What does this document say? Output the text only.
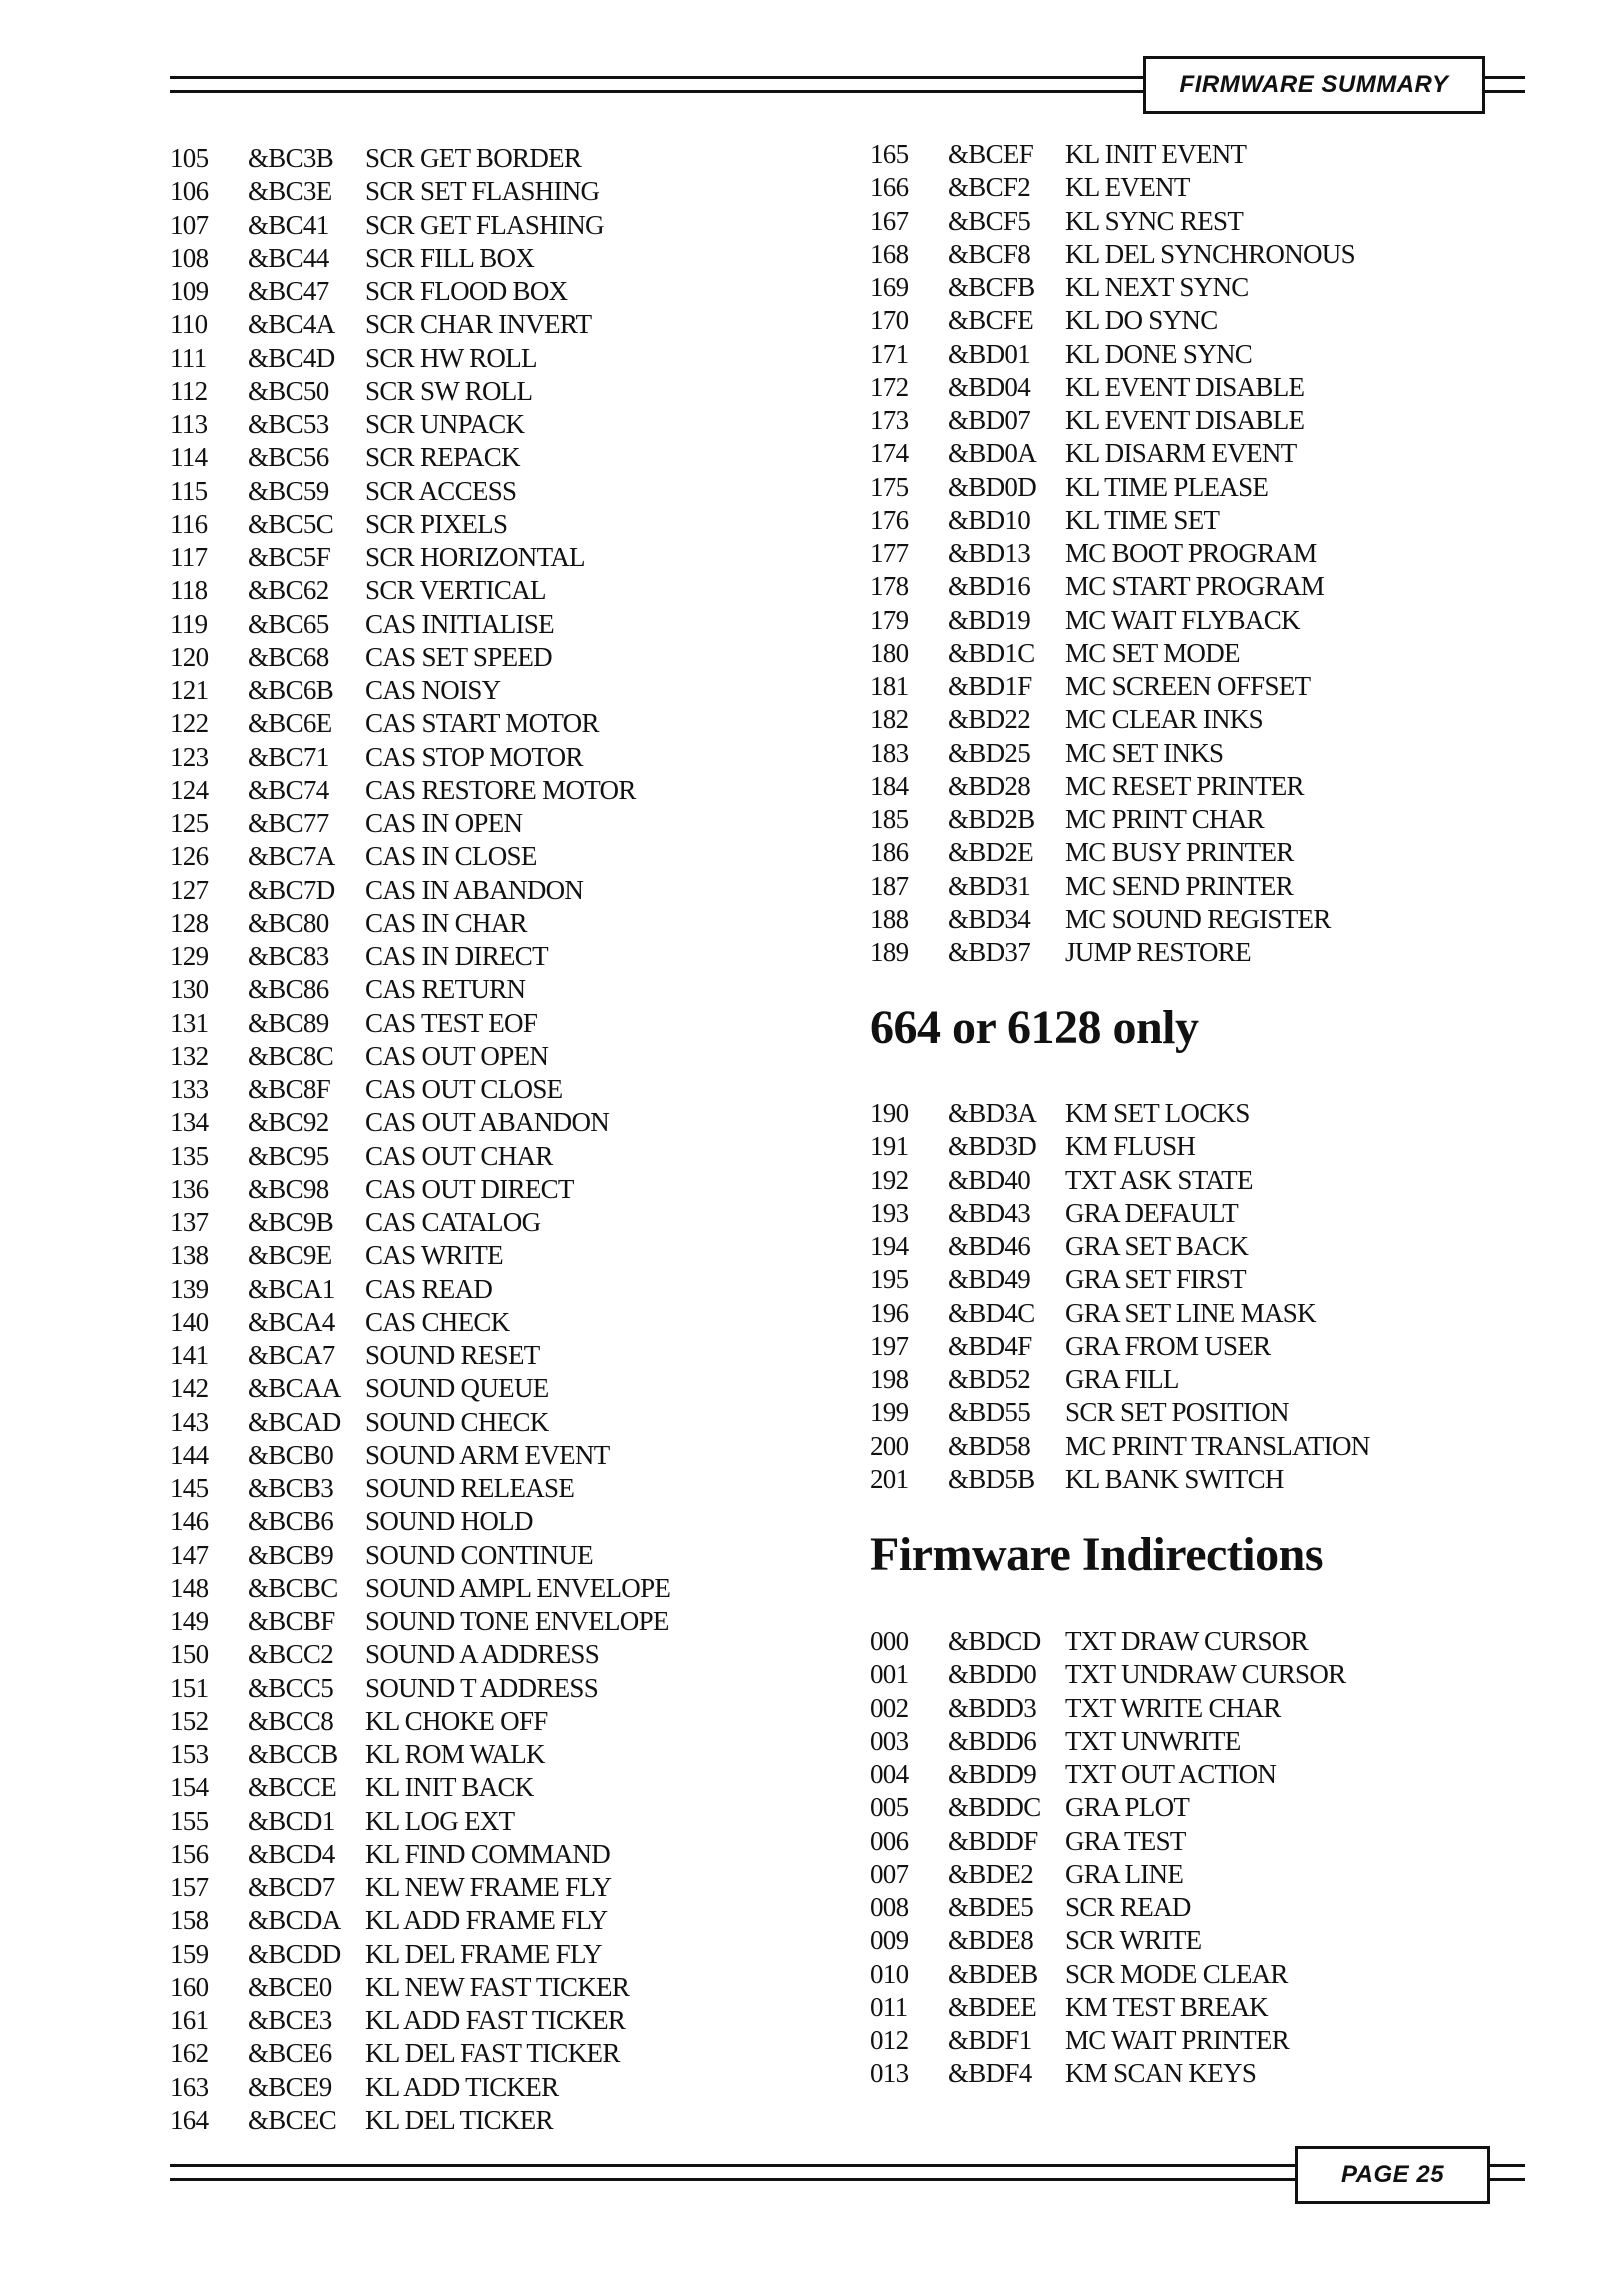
FIRMWARE SUMMARY
105	&BC3B	SCR GET BORDER
106	&BC3E	SCR SET FLASHING
107	&BC41	SCR GET FLASHING
108	&BC44	SCR FILL BOX
109	&BC47	SCR FLOOD BOX
110	&BC4A	SCR CHAR INVERT
111	&BC4D	SCR HW ROLL
112	&BC50	SCR SW ROLL
113	&BC53	SCR UNPACK
114	&BC56	SCR REPACK
115	&BC59	SCR ACCESS
116	&BC5C	SCR PIXELS
117	&BC5F	SCR HORIZONTAL
118	&BC62	SCR VERTICAL
119	&BC65	CAS INITIALISE
120	&BC68	CAS SET SPEED
121	&BC6B	CAS NOISY
122	&BC6E	CAS START MOTOR
123	&BC71	CAS STOP MOTOR
124	&BC74	CAS RESTORE MOTOR
125	&BC77	CAS IN OPEN
126	&BC7A	CAS IN CLOSE
127	&BC7D	CAS IN ABANDON
128	&BC80	CAS IN CHAR
129	&BC83	CAS IN DIRECT
130	&BC86	CAS RETURN
131	&BC89	CAS TEST EOF
132	&BC8C	CAS OUT OPEN
133	&BC8F	CAS OUT CLOSE
134	&BC92	CAS OUT ABANDON
135	&BC95	CAS OUT CHAR
136	&BC98	CAS OUT DIRECT
137	&BC9B	CAS CATALOG
138	&BC9E	CAS WRITE
139	&BCA1	CAS READ
140	&BCA4	CAS CHECK
141	&BCA7	SOUND RESET
142	&BCAA SOUND QUEUE
143	&BCAD SOUND CHECK
144	&BCB0	SOUND ARM EVENT
145	&BCB3	SOUND RELEASE
146	&BCB6	SOUND HOLD
147	&BCB9	SOUND CONTINUE
148	&BCBC	SOUND AMPL ENVELOPE
149	&BCBF	SOUND TONE ENVELOPE
150	&BCC2	SOUND A ADDRESS
151	&BCC5	SOUND T ADDRESS
152	&BCC8	KL CHOKE OFF
153	&BCCB	KL ROM WALK
154	&BCCE	KL INIT BACK
155	&BCD1	KL LOG EXT
156	&BCD4	KL FIND COMMAND
157	&BCD7	KL NEW FRAME FLY
158	&BCDA KL ADD FRAME FLY
159	&BCDD KL DEL FRAME FLY
160	&BCE0	KL NEW FAST TICKER
161	&BCE3	KL ADD FAST TICKER
162	&BCE6	KL DEL FAST TICKER
163	&BCE9	KL ADD TICKER
164	&BCEC	KL DEL TICKER
165	&BCEF	KL INIT EVENT
166	&BCF2	KL EVENT
167	&BCF5	KL SYNC REST
168	&BCF8	KL DEL SYNCHRONOUS
169	&BCFB	KL NEXT SYNC
170	&BCFE	KL DO SYNC
171	&BD01	KL DONE SYNC
172	&BD04	KL EVENT DISABLE
173	&BD07	KL EVENT DISABLE
174	&BD0A	KL DISARM EVENT
175	&BD0D	KL TIME PLEASE
176	&BD10	KL TIME SET
177	&BD13	MC BOOT PROGRAM
178	&BD16	MC START PROGRAM
179	&BD19	MC WAIT FLYBACK
180	&BD1C	MC SET MODE
181	&BD1F	MC SCREEN OFFSET
182	&BD22	MC CLEAR INKS
183	&BD25	MC SET INKS
184	&BD28	MC RESET PRINTER
185	&BD2B	MC PRINT CHAR
186	&BD2E	MC BUSY PRINTER
187	&BD31	MC SEND PRINTER
188	&BD34	MC SOUND REGISTER
189	&BD37	JUMP RESTORE
664 or 6128 only
190	&BD3A	KM SET LOCKS
191	&BD3D	KM FLUSH
192	&BD40	TXT ASK STATE
193	&BD43	GRA DEFAULT
194	&BD46	GRA SET BACK
195	&BD49	GRA SET FIRST
196	&BD4C	GRA SET LINE MASK
197	&BD4F	GRA FROM USER
198	&BD52	GRA FILL
199	&BD55	SCR SET POSITION
200	&BD58	MC PRINT TRANSLATION
201	&BD5B	KL BANK SWITCH
Firmware Indirections
000	&BDCD TXT DRAW CURSOR
001	&BDD0	TXT UNDRAW CURSOR
002	&BDD3	TXT WRITE CHAR
003	&BDD6	TXT UNWRITE
004	&BDD9	TXT OUT ACTION
005	&BDDC GRA PLOT
006	&BDDF	GRA TEST
007	&BDE2	GRA LINE
008	&BDE5	SCR READ
009	&BDE8	SCR WRITE
010	&BDEB	SCR MODE CLEAR
011	&BDEE	KM TEST BREAK
012	&BDF1	MC WAIT PRINTER
013	&BDF4	KM SCAN KEYS
PAGE 25
